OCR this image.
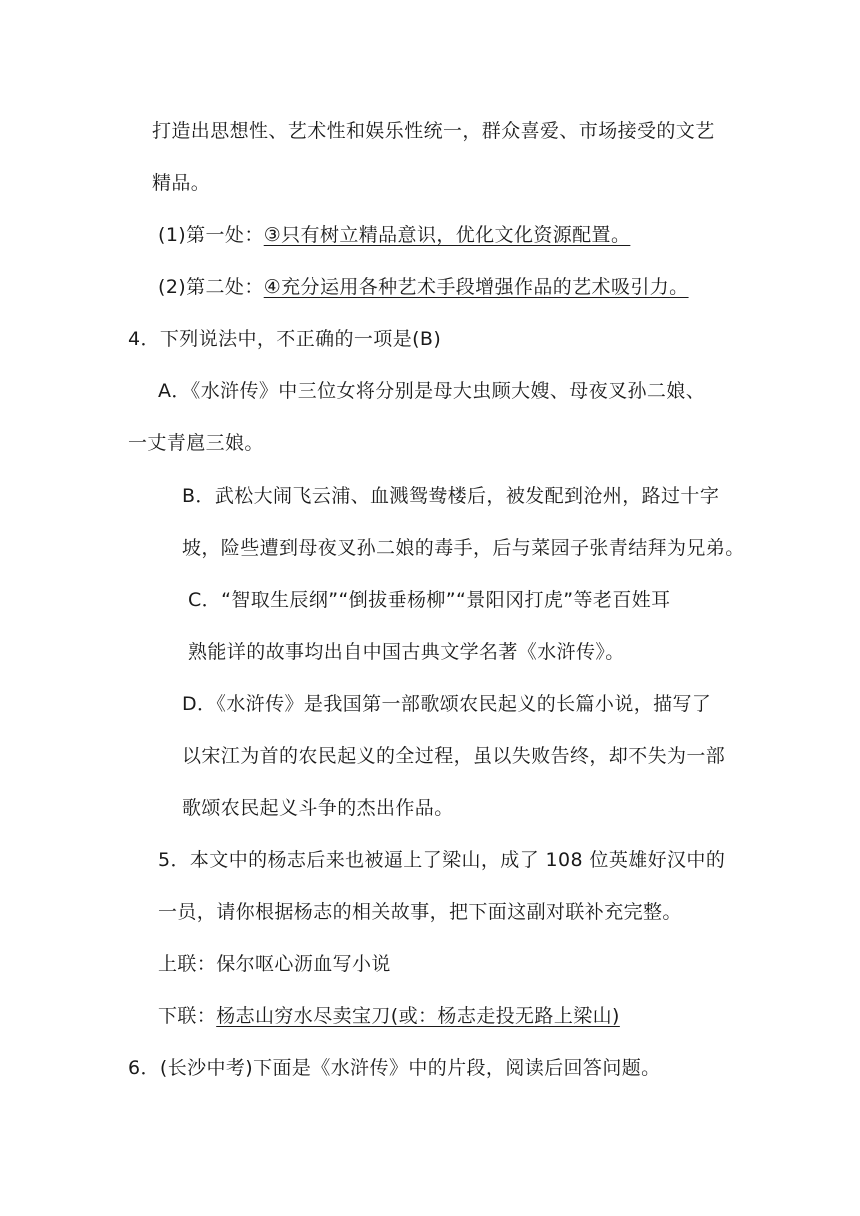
打造出思想性、艺术性和娱乐性统一，群众喜爱、市场接受的文艺
精品。
(1)第一处：③只有树立精品意识，优化文化资源配置。
(2)第二处：④充分运用各种艺术手段增强作品的艺术吸引力。
4．下列说法中，不正确的一项是(B)
A．《水浒传》中三位女将分别是母大虫顾大嫂、母夜叉孙二娘、
一丈青扈三娘。
B．武松大闹飞云浦、血溅鸳鸯楼后，被发配到沧州，路过十字
坡，险些遭到母夜叉孙二娘的毒手，后与菜园子张青结拜为兄弟。
C．“智取生辰纲”“倒拔垂杨柳”“景阳冈打虎”等老百姓耳
熟能详的故事均出自中国古典文学名著《水浒传》。
D．《水浒传》是我国第一部歌颂农民起义的长篇小说，描写了
以宋江为首的农民起义的全过程，虽以失败告终，却不失为一部
歌颂农民起义斗争的杰出作品。
5．本文中的杨志后来也被逼上了梁山，成了 108 位英雄好汉中的
一员，请你根据杨志的相关故事，把下面这副对联补充完整。
上联：保尔呕心沥血写小说
下联：杨志山穷水尽卖宝刀(或：杨志走投无路上梁山)
6．(长沙中考)下面是《水浒传》中的片段，阅读后回答问题。
